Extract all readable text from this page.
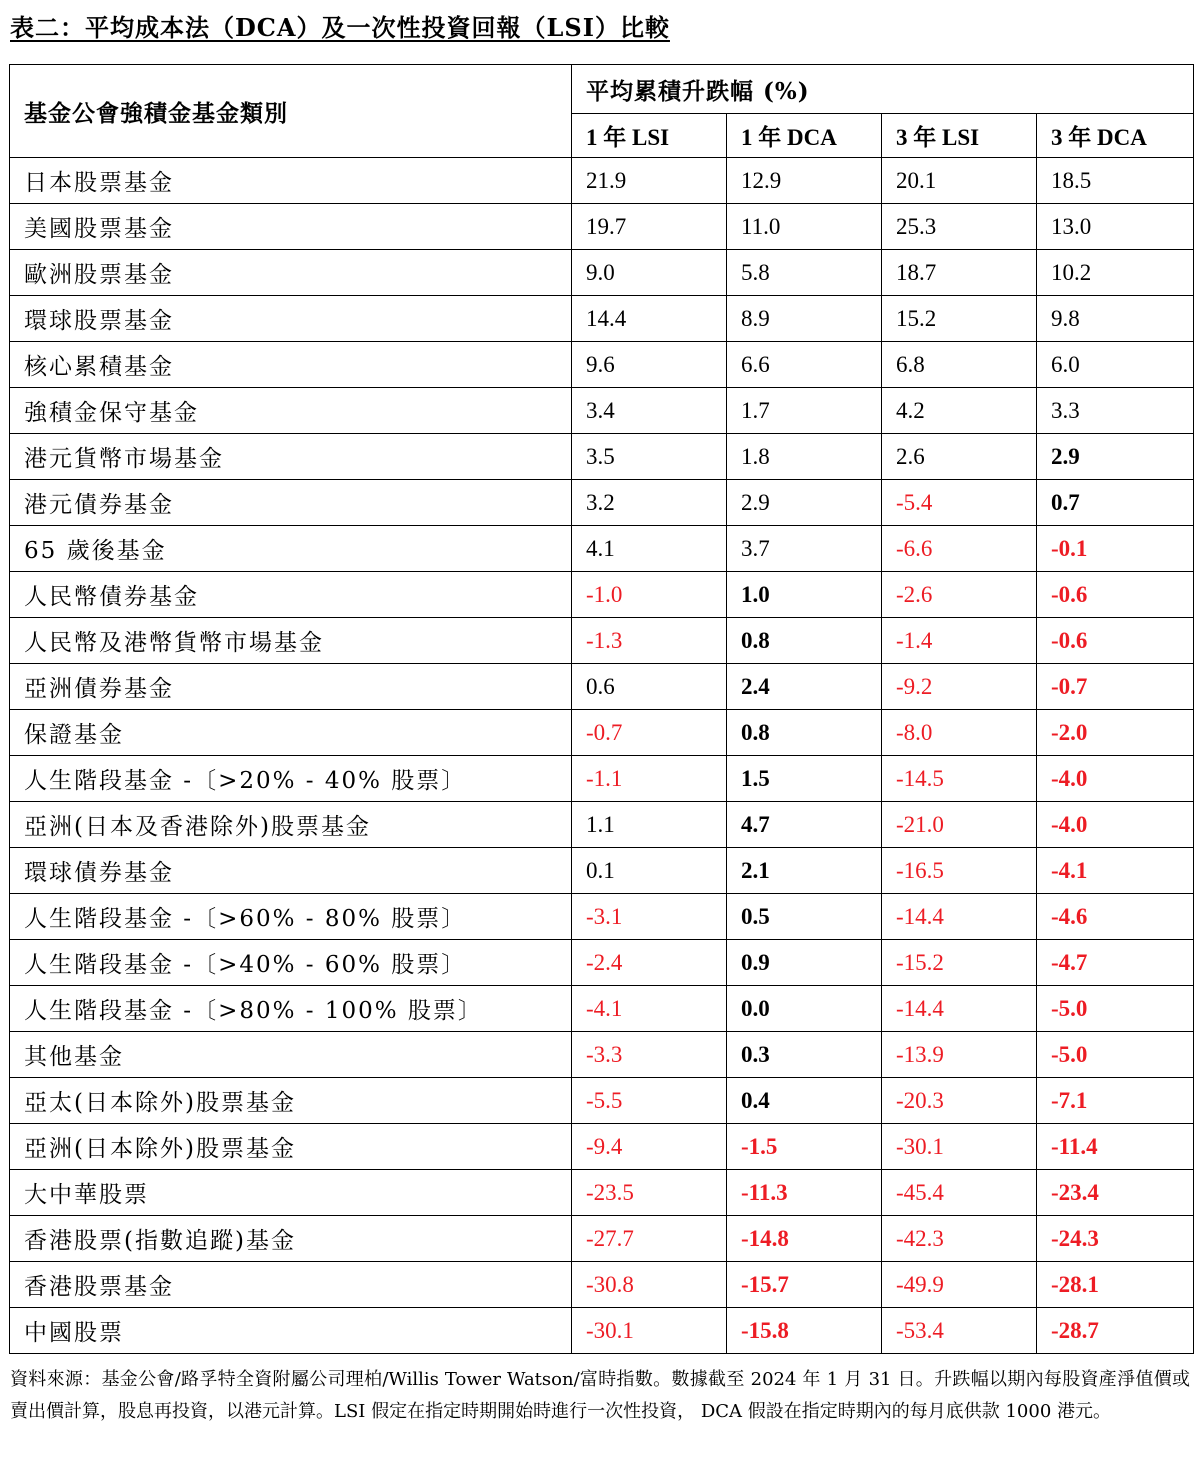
表二：平均成本法（DCA）及一次性投資回報（LSI）比較
基金公會強積金基金類別	平均累積升跌幅 (%)			
	1 年 LSI	1 年 DCA	3 年 LSI	3 年 DCA
日本股票基金	21.9	12.9	20.1	18.5
美國股票基金	19.7	11.0	25.3	13.0
歐洲股票基金	9.0	5.8	18.7	10.2
環球股票基金	14.4	8.9	15.2	9.8
核心累積基金	9.6	6.6	6.8	6.0
強積金保守基金	3.4	1.7	4.2	3.3
港元貨幣市場基金	3.5	1.8	2.6	2.9
港元債券基金	3.2	2.9	-5.4	0.7
65 歲後基金	4.1	3.7	-6.6	-0.1
人民幣債券基金	-1.0	1.0	-2.6	-0.6
人民幣及港幣貨幣市場基金	-1.3	0.8	-1.4	-0.6
亞洲債券基金	0.6	2.4	-9.2	-0.7
保證基金	-0.7	0.8	-8.0	-2.0
人生階段基金 -〔>20% - 40% 股票〕	-1.1	1.5	-14.5	-4.0
亞洲(日本及香港除外)股票基金	1.1	4.7	-21.0	-4.0
環球債券基金	0.1	2.1	-16.5	-4.1
人生階段基金 -〔>60% - 80% 股票〕	-3.1	0.5	-14.4	-4.6
人生階段基金 -〔>40% - 60% 股票〕	-2.4	0.9	-15.2	-4.7
人生階段基金 -〔>80% - 100% 股票〕	-4.1	0.0	-14.4	-5.0
其他基金	-3.3	0.3	-13.9	-5.0
亞太(日本除外)股票基金	-5.5	0.4	-20.3	-7.1
亞洲(日本除外)股票基金	-9.4	-1.5	-30.1	-11.4
大中華股票	-23.5	-11.3	-45.4	-23.4
香港股票(指數追蹤)基金	-27.7	-14.8	-42.3	-24.3
香港股票基金	-30.8	-15.7	-49.9	-28.1
中國股票	-30.1	-15.8	-53.4	-28.7
資料來源：基金公會/路孚特全資附屬公司理柏/Willis Tower Watson/富時指數。數據截至 2024 年 1 月 31 日。升跌幅以期內每股資產淨值價或賣出價計算，股息再投資，以港元計算。LSI 假定在指定時期開始時進行一次性投資， DCA 假設在指定時期內的每月底供款 1000 港元。
